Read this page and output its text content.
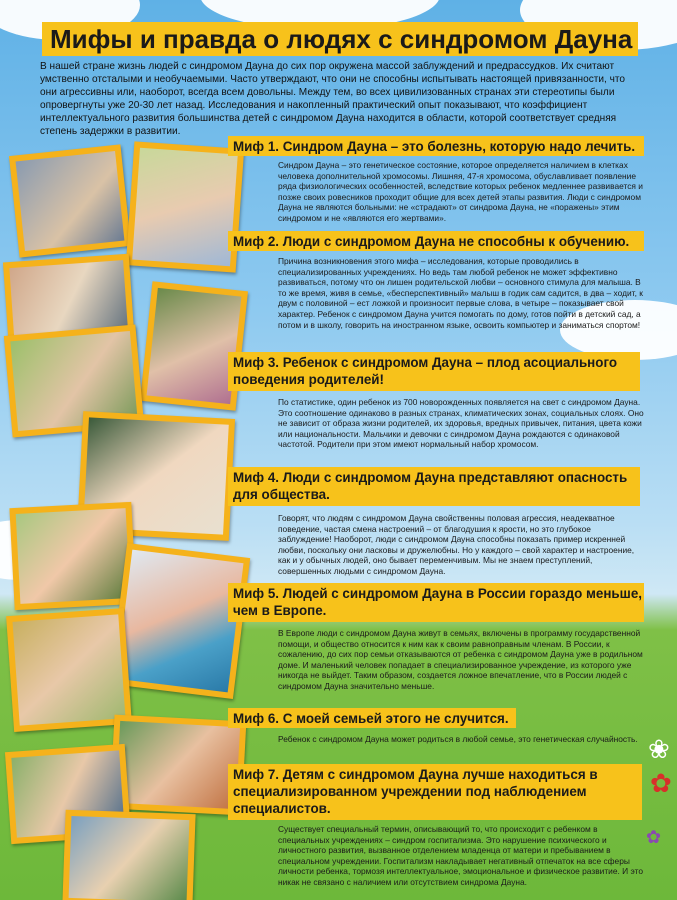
Мифы и правда о людях с синдромом Дауна
В нашей стране жизнь людей с синдромом Дауна до сих пор окружена массой заблуждений и предрассудков. Их считают умственно отсталыми и необучаемыми. Часто утверждают, что они не способны испытывать настоящей привязанности, что они агрессивны или, наоборот, всегда всем довольны. Между тем, во всех цивилизованных странах эти стереотипы были опровергнуты уже 20-30 лет назад. Исследования и накопленный практический опыт показывают, что коэффициент интеллектуального развития большинства детей с синдромом Дауна находится в области, которой соответствует средняя степень задержки в развитии.
Миф 1. Синдром Дауна – это болезнь, которую надо лечить.
Синдром Дауна – это генетическое состояние, которое определяется наличием в клетках человека дополнительной хромосомы. Лишняя, 47-я хромосома, обуславливает появление ряда физиологических особенностей, вследствие которых ребенок медленнее развивается и позже своих ровесников проходит общие для всех детей этапы развития. Люди с синдромом Дауна не являются больными: не «страдают» от синдрома Дауна, не «поражены» этим синдромом и не «являются его жертвами».
Миф 2. Люди с синдромом Дауна не способны к обучению.
Причина возникновения этого мифа – исследования, которые проводились в специализированных учреждениях. Но ведь там любой ребенок не может эффективно развиваться, потому что он лишен родительской любви – основного стимула для малыша. В то же время, живя в семье, «бесперспективный» малыш в годик сам садится, в два – ходит, к двум с половиной – ест ложкой и произносит первые слова, в четыре – показывает свой характер. Ребенок с синдромом Дауна учится помогать по дому, готов пойти в детский сад, а потом и в школу, говорить на иностранном языке, освоить компьютер и заниматься спортом!
Миф 3. Ребенок с синдромом Дауна – плод асоциального поведения родителей!
По статистике, один ребенок из 700 новорожденных появляется на свет с синдромом Дауна. Это соотношение одинаково в разных странах, климатических зонах, социальных слоях. Оно не зависит от образа жизни родителей, их здоровья, вредных привычек, питания, цвета кожи или национальности. Мальчики и девочки с синдромом Дауна рождаются с одинаковой частотой. Родители при этом имеют нормальный набор хромосом.
Миф 4. Люди с синдромом Дауна представляют опасность для общества.
Говорят, что людям с синдромом Дауна свойственны половая агрессия, неадекватное поведение, частая смена настроений – от благодушия к ярости, но это глубокое заблуждение! Наоборот, люди с синдромом Дауна способны показать пример искренней любви, поскольку они ласковы и дружелюбны. Но у каждого – свой характер и настроение, как и у обычных людей, оно бывает переменчивым. Мы не знаем преступлений, совершенных людьми с синдромом Дауна.
Миф 5. Людей с синдромом Дауна в России гораздо меньше, чем в Европе.
В Европе люди с синдромом Дауна живут в семьях, включены в программу государственной помощи, и общество относится к ним как к своим равноправным членам. В России, к сожалению, до сих пор семьи отказываются от ребенка с синдромом Дауна уже в родильном доме. И маленький человек попадает в специализированное учреждение, из которого уже никогда не выйдет. Таким образом, создается ложное впечатление, что в России людей с синдромом Дауна значительно меньше.
Миф 6. С моей семьей этого не случится.
Ребенок с синдромом Дауна может родиться в любой семье, это генетическая случайность.
Миф 7. Детям с синдромом Дауна лучше находиться в специализированном учреждении под наблюдением специалистов.
Существует специальный термин, описывающий то, что происходит с ребенком в специальных учреждениях – синдром госпитализма. Это нарушение психического и личностного развития, вызванное отделением младенца от матери и пребыванием в специальном учреждении. Госпитализм накладывает негативный отпечаток на все сферы личности ребенка, тормозя интеллектуальное, эмоциональное и физическое развитие. И это никак не связано с наличием или отсутствием синдрома Дауна.
❀
✿
✿
